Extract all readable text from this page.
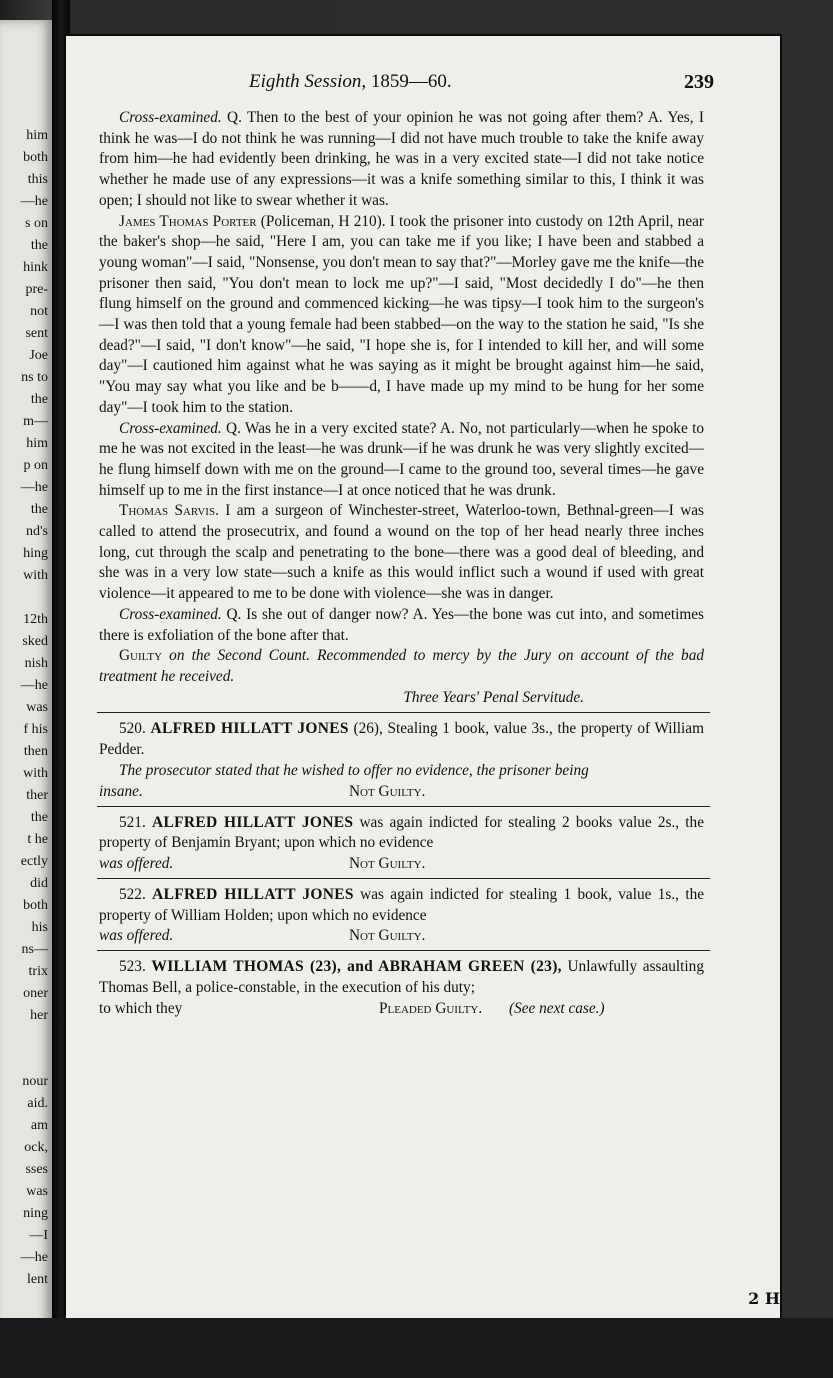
him
both
this
—he
s on
the
hink
pre-
not
sent
Joe
ns to
the
m—
him
p on
—he
the
nd's
hing
with
12th
sked
nish
—he
was
f his
then
with
ther
the
t he
ectly
did
both
his
ns—
trix
oner
her
nour
aid.
am
ock,
sses
was
ning
—I
—he
lent
Eighth Session, 1859—60.	239

Cross-examined. Q. Then to the best of your opinion he was not going after them? A. Yes, I think he was—I do not think he was running—I did not have much trouble to take the knife away from him—he had evidently been drinking, he was in a very excited state—I did not take notice whether he made use of any expressions—it was a knife something similar to this, I think it was open; I should not like to swear whether it was.

James Thomas Porter (Policeman, H 210). I took the prisoner into custody on 12th April, near the baker's shop—he said, "Here I am, you can take me if you like; I have been and stabbed a young woman"—I said, "Nonsense, you don't mean to say that?"—Morley gave me the knife—the prisoner then said, "You don't mean to lock me up?"—I said, "Most decidedly I do"—he then flung himself on the ground and commenced kicking—he was tipsy—I took him to the surgeon's—I was then told that a young female had been stabbed—on the way to the station he said, "Is she dead?"—I said, "I don't know"—he said, "I hope she is, for I intended to kill her, and will some day"—I cautioned him against what he was saying as it might be brought against him—he said, "You may say what you like and be b——d, I have made up my mind to be hung for her some day"—I took him to the station.

Cross-examined. Q. Was he in a very excited state? A. No, not particularly—when he spoke to me he was not excited in the least—he was drunk—if he was drunk he was very slightly excited—he flung himself down with me on the ground—I came to the ground too, several times—he gave himself up to me in the first instance—I at once noticed that he was drunk.

Thomas Sarvis. I am a surgeon of Winchester-street, Waterloo-town, Bethnal-green—I was called to attend the prosecutrix, and found a wound on the top of her head nearly three inches long, cut through the scalp and penetrating to the bone—there was a good deal of bleeding, and she was in a very low state—such a knife as this would inflict such a wound if used with great violence—it appeared to me to be done with violence—she was in danger.

Cross-examined. Q. Is she out of danger now? A. Yes—the bone was cut into, and sometimes there is exfoliation of the bone after that.

Guilty on the Second Count. Recommended to mercy by the Jury on account of the bad treatment he received.

Three Years' Penal Servitude.

520. ALFRED HILLATT JONES (26), Stealing 1 book, value 3s., the property of William Pedder.

The prosecutor stated that he wished to offer no evidence, the prisoner being

insane.	Not Guilty.

521. ALFRED HILLATT JONES was again indicted for stealing 2 books value 2s., the property of Benjamin Bryant; upon which no evidence

was offered.	Not Guilty.

522. ALFRED HILLATT JONES was again indicted for stealing 1 book, value 1s., the property of William Holden; upon which no evidence

was offered.	Not Guilty.

523. WILLIAM THOMAS (23), and ABRAHAM GREEN (23), Unlawfully assaulting Thomas Bell, a police-constable, in the execution of his duty;

to which they	Pleaded Guilty. (See next case.)
2 H
